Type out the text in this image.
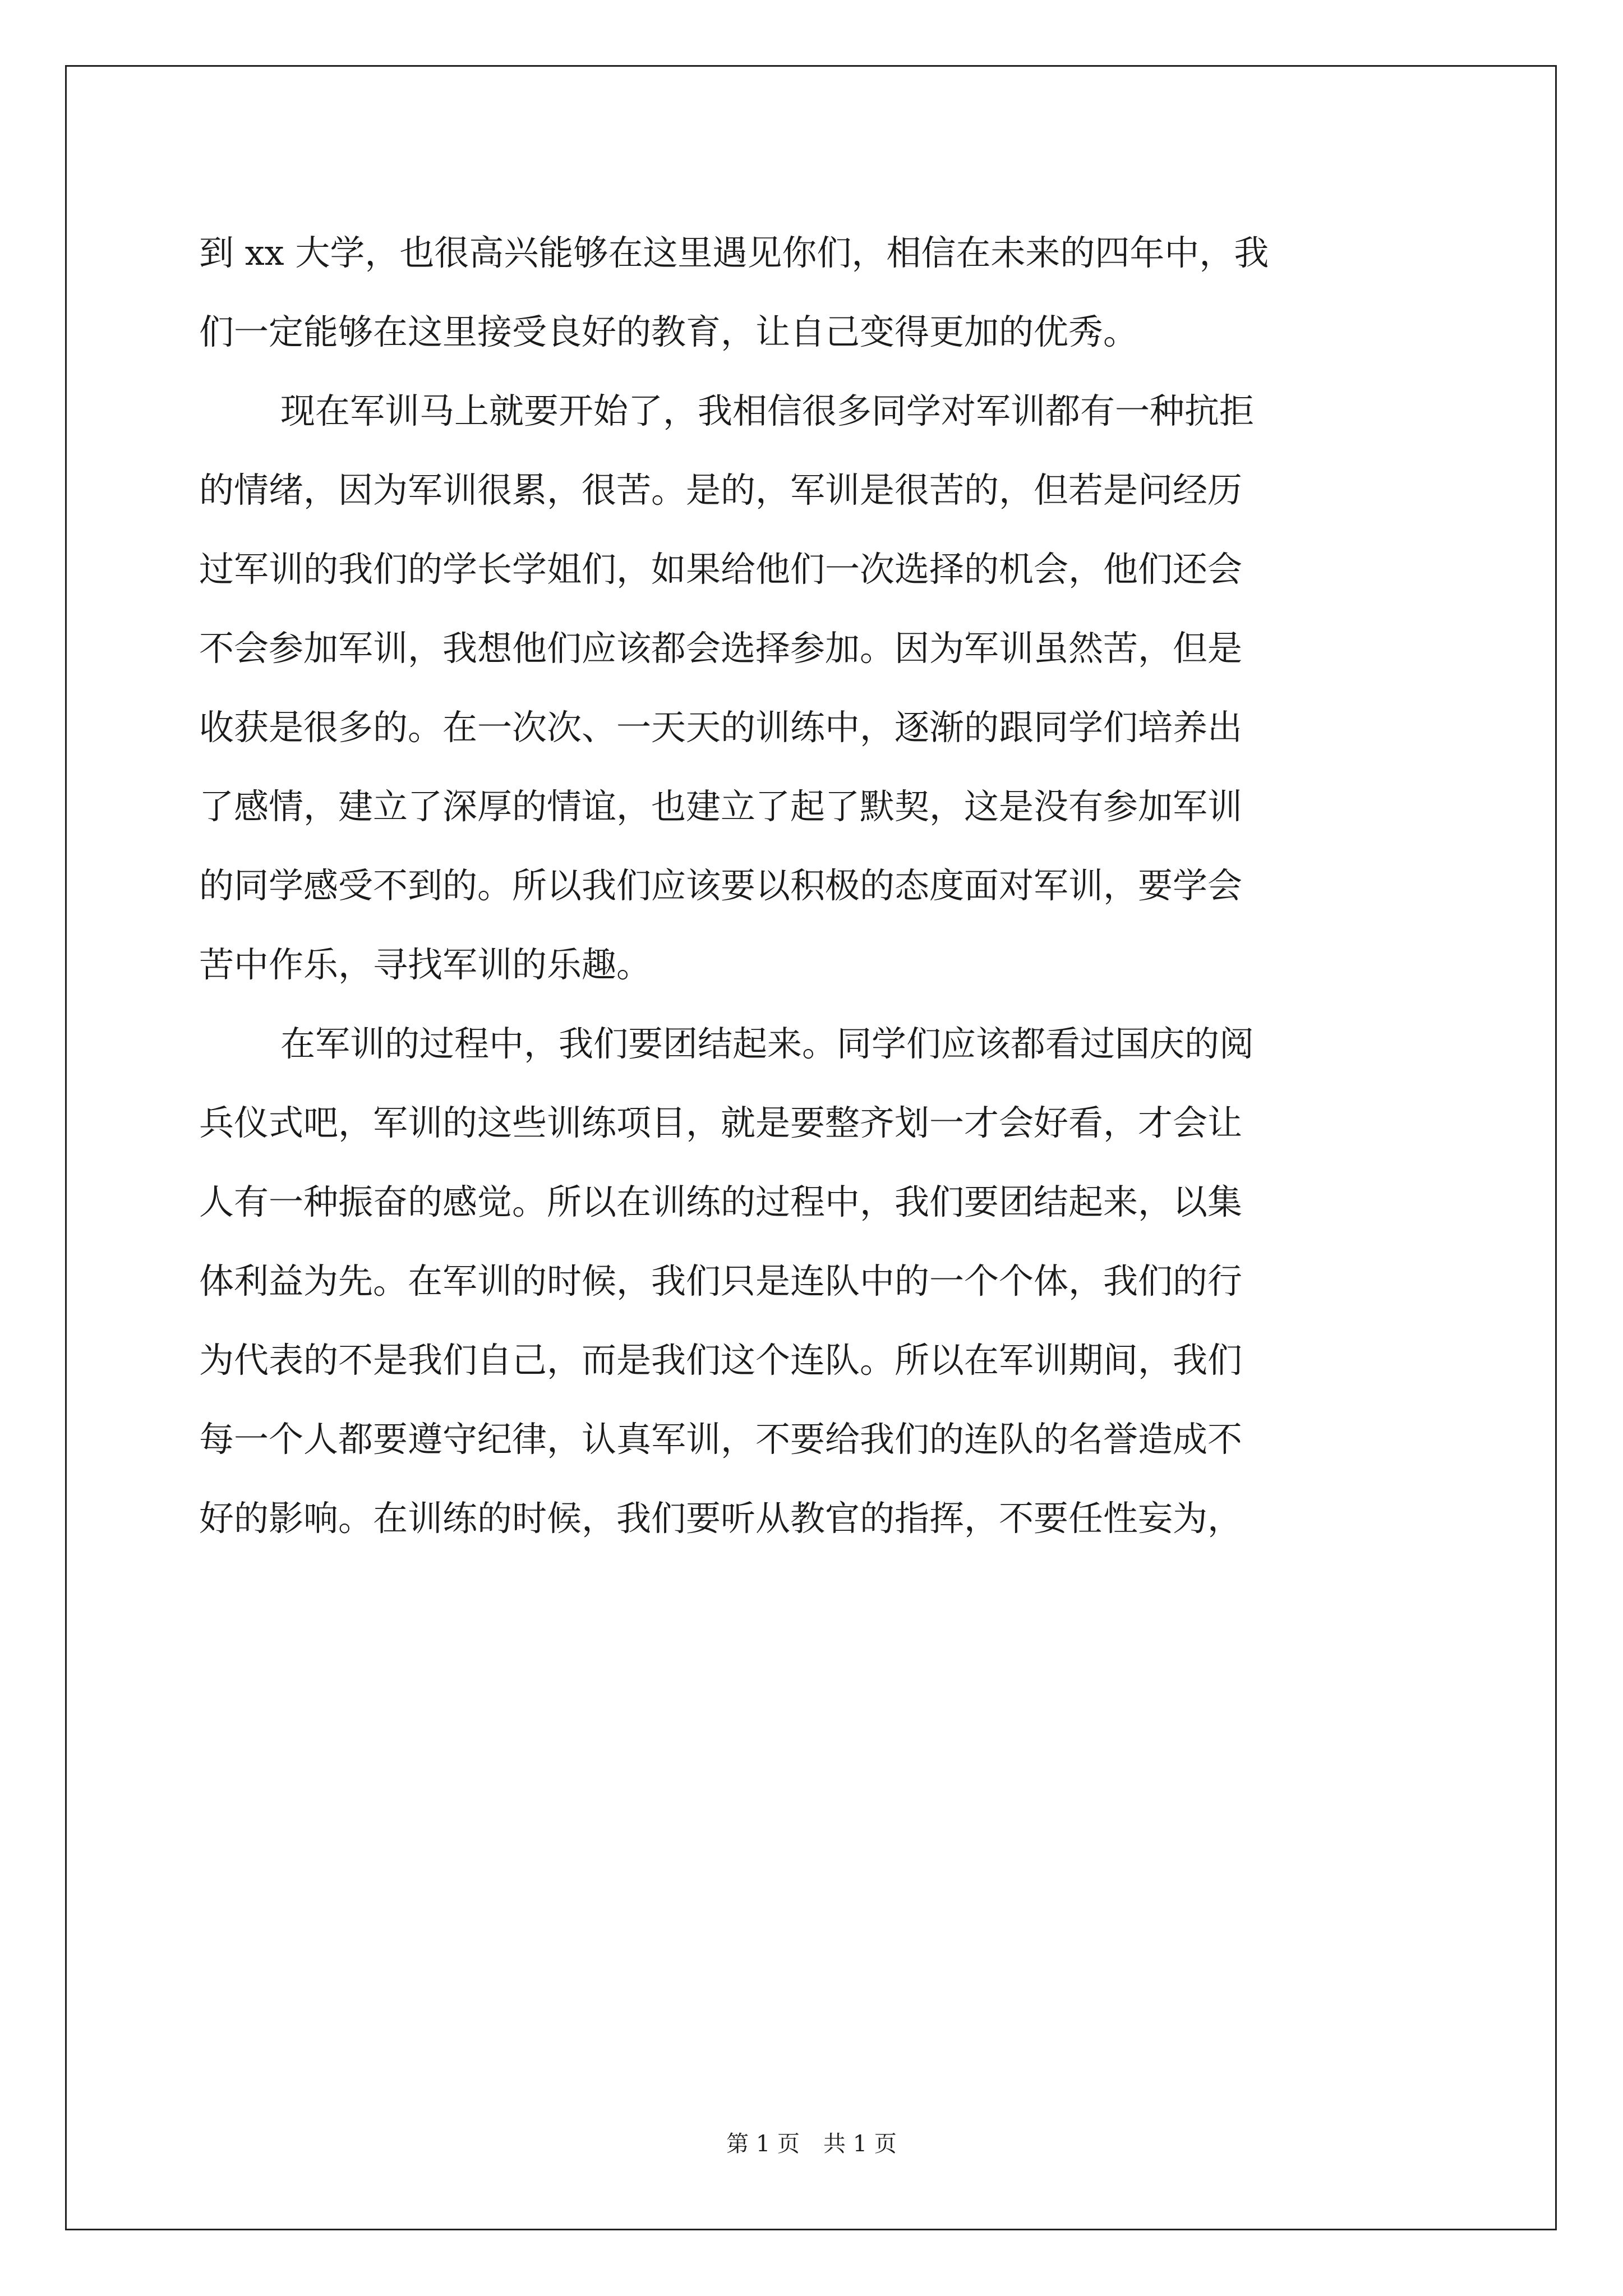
到 xx 大学，也很高兴能够在这里遇见你们，相信在未来的四年中，我
们一定能够在这里接受良好的教育，让自己变得更加的优秀。
现在军训马上就要开始了，我相信很多同学对军训都有一种抗拒
的情绪，因为军训很累，很苦。是的，军训是很苦的，但若是问经历
过军训的我们的学长学姐们，如果给他们一次选择的机会，他们还会
不会参加军训，我想他们应该都会选择参加。因为军训虽然苦，但是
收获是很多的。在一次次、一天天的训练中，逐渐的跟同学们培养出
了感情，建立了深厚的情谊，也建立了起了默契，这是没有参加军训
的同学感受不到的。所以我们应该要以积极的态度面对军训，要学会
苦中作乐，寻找军训的乐趣。
在军训的过程中，我们要团结起来。同学们应该都看过国庆的阅
兵仪式吧，军训的这些训练项目，就是要整齐划一才会好看，才会让
人有一种振奋的感觉。所以在训练的过程中，我们要团结起来，以集
体利益为先。在军训的时候，我们只是连队中的一个个体，我们的行
为代表的不是我们自己，而是我们这个连队。所以在军训期间，我们
每一个人都要遵守纪律，认真军训，不要给我们的连队的名誉造成不
好的影响。在训练的时候，我们要听从教官的指挥，不要任性妄为，
第 1 页 共 1 页
